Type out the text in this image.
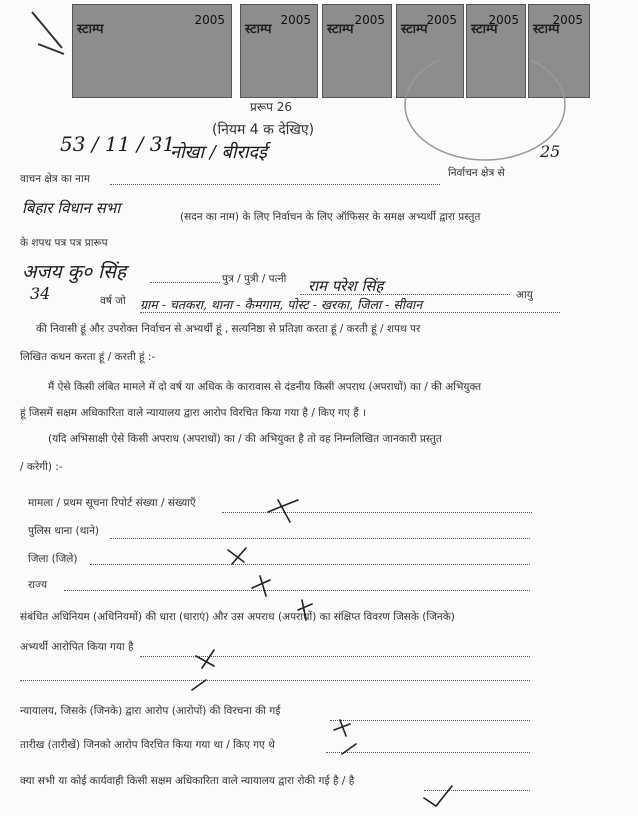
स्टाम्प
2005
स्टाम्प
2005
स्टाम्प
2005
स्टाम्प
2005
स्टाम्प
2005
स्टाम्प
2005
प्ररूप 26
(नियम 4 क देखिए)
25
53 / 11 / 31
नोखा / बीरादई
वाचन क्षेत्र का नाम	निर्वाचन क्षेत्र से
बिहार विधान सभा	(सदन का नाम) के लिए निर्वाचन के लिए ऑफिसर के समक्ष अभ्यर्थी द्वारा प्रस्तुत
के शपथ पत्र पत्र प्रारूप
अजय कु० सिंह	पुत्र / पुत्री / पत्नी राम परेश सिंह	आयु
34	वर्ष जो ग्राम - चतकरा, थाना - कैमगाम, पोस्ट - खरका, जिला - सीवान
की निवासी हूं और उपरोक्त निर्वाचन से अभ्यर्थी हूं , सत्यनिष्ठा से प्रतिज्ञा करता हूं / करती हूं / शपथ पर
लिखित कथन करता हूं / करती हूं :-
मैं ऐसे किसी लंबित मामले में दो वर्ष या अधिक के कारावास से दंडनीय किसी अपराध (अपराधों) का / की अभियुक्त
हूं जिसमें सक्षम अधिकारिता वाले न्यायालय द्वारा आरोप विरचित किया गया है / किए गए हैं ।
(यदि अभिसाक्षी ऐसे किसी अपराध (अपराधों) का / की अभियुक्त है तो वह निम्नलिखित जानकारी प्रस्तुत
/ करेगी) :-
मामला / प्रथम सूचना रिपोर्ट संख्या / संख्याएँ
पुलिस थाना (थाने)
जिला (जिले)
राज्य
संबंधित अधिनियम (अधिनियमों) की धारा (धाराएं) और उस अपराध (अपराधों) का संक्षिप्त विवरण जिसके (जिनके)
अभ्यर्थी आरोपित किया गया है
न्यायालय, जिसके (जिनके) द्वारा आरोप (आरोपों) की विरचना की गई
तारीख (तारीखें) जिनको आरोप विरचित किया गया था / किए गए थे
क्या सभी या कोई कार्यवाही किसी सक्षम अधिकारिता वाले न्यायालय द्वारा रोकी गई है / है
